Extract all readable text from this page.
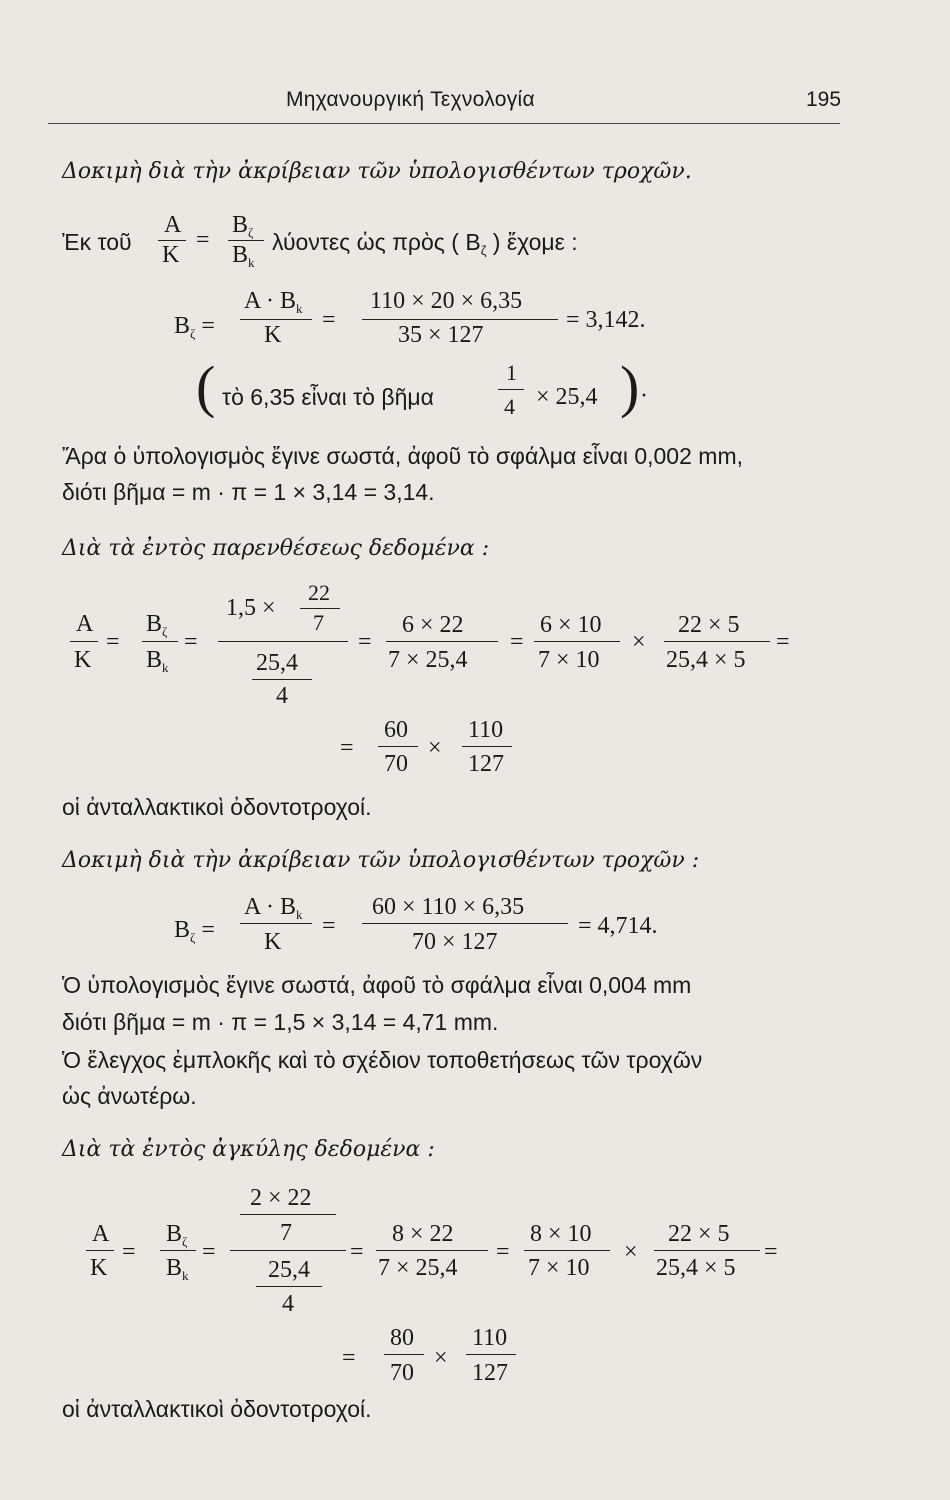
Μηχανουργική Τεχνολογία	195
Δοκιμὴ διὰ τὴν ἀκρίβειαν τῶν ὑπολογισθέντων τροχῶν.
Ἐκ τοῦ
A
K
=
$B_\zeta$
$B_k$
λύοντες ὡς πρὸς ( $B_\zeta$ ) ἔχομε :
$B_\zeta$ =
$A \cdot B_k$
K
=
110 × 20 × 6,35
35 × 127
= 3,142.
( τὸ 6,35 εἶναι τὸ βῆμα
1
4 × 25,4 ) ·
Ἄρα ὁ ὑπολογισμὸς ἔγινε σωστά, ἀφοῦ τὸ σφάλμα εἶναι 0,002 mm,
διότι βῆμα = m · π = 1 × 3,14 = 3,14.
Διὰ τὰ ἐντὸς παρενθέσεως δεδομένα :
A
K
=
$B_\zeta$
$B_k$
=
1,5 ×
22
7
25,4
4
=
6 × 22
7 × 25,4
=
6 × 10
7 × 10
×
22 × 5
25,4 × 5
=
=
60
70
×
110
127
οἱ ἀνταλλακτικοὶ ὀδοντοτροχοί.
Δοκιμὴ διὰ τὴν ἀκρίβειαν τῶν ὑπολογισθέντων τροχῶν :
$B_\zeta$ =
$A \cdot B_k$
K
=
60 × 110 × 6,35
70 × 127
= 4,714.
Ὁ ὑπολογισμὸς ἔγινε σωστά, ἀφοῦ τὸ σφάλμα εἶναι 0,004 mm
διότι βῆμα = m · π = 1,5 × 3,14 = 4,71 mm.
Ὁ ἔλεγχος ἐμπλοκῆς καὶ τὸ σχέδιον τοποθετήσεως τῶν τροχῶν
ὡς ἀνωτέρω.
Διὰ τὰ ἐντὸς ἀγκύλης δεδομένα :
A
K
=
$B_\zeta$
$B_k$
=
2 × 22
7
25,4
4
=
8 × 22
7 × 25,4
=
8 × 10
7 × 10
×
22 × 5
25,4 × 5
=
=
80
70
×
110
127
οἱ ἀνταλλακτικοὶ ὀδοντοτροχοί.
